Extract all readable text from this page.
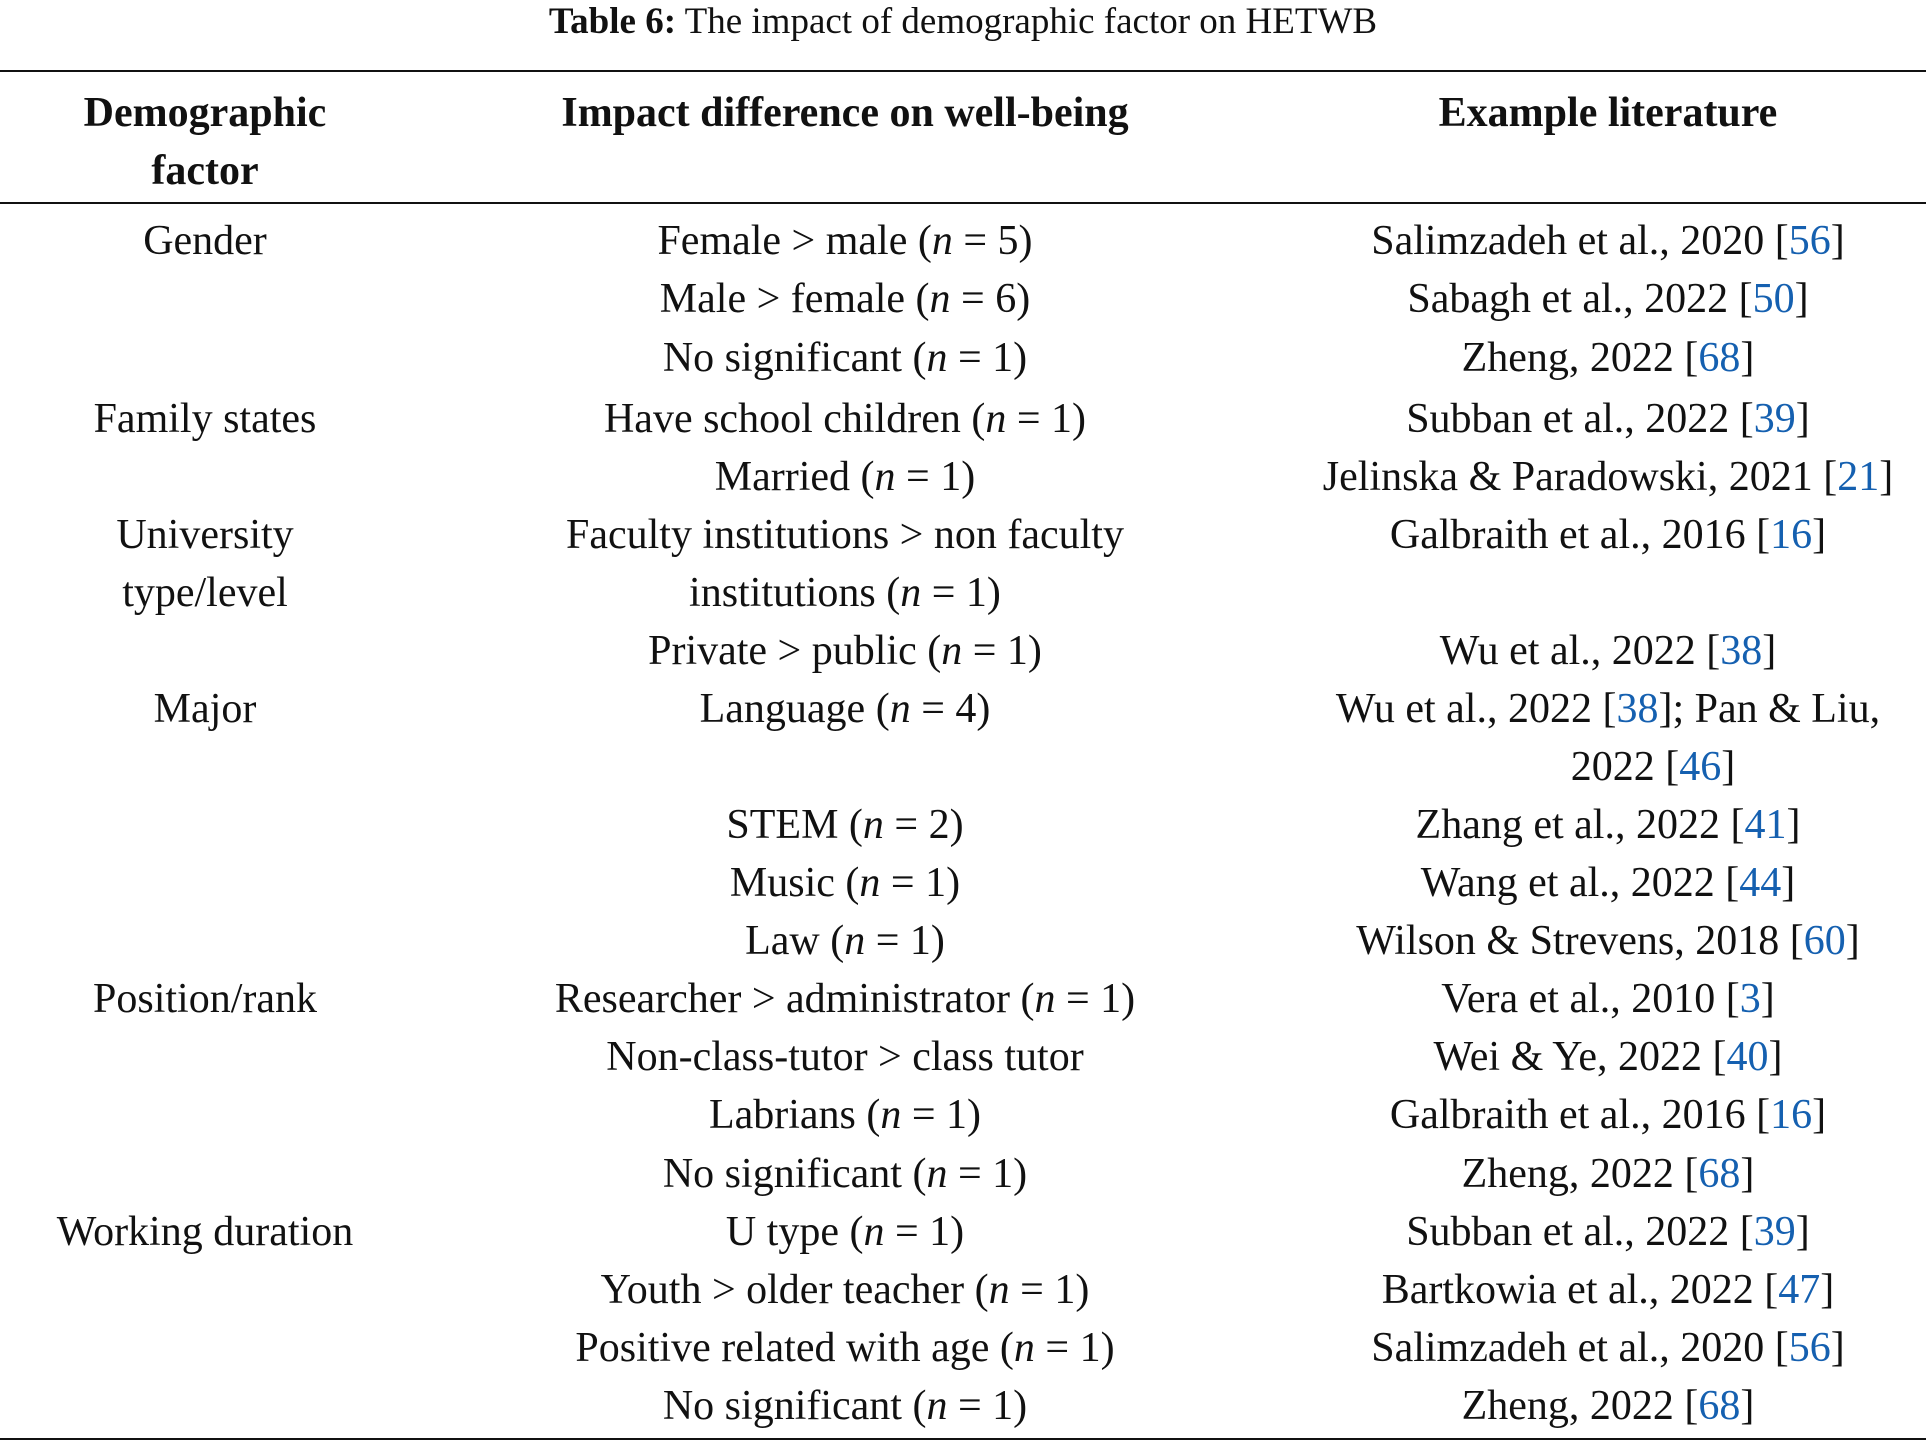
Table 6: The impact of demographic factor on HETWB
Demographic
factor
Impact difference on well-being	Example literature
Gender
Family states
University
type/level
Major
Position/rank
Working duration
Female > male (n = 5)
Male > female (n = 6)
No significant (n = 1)
Have school children (n = 1)
Married (n = 1)
Faculty institutions > non faculty
institutions (n = 1)
Private > public (n = 1)
Language (n = 4)
STEM (n = 2)
Music (n = 1)
Law (n = 1)
Researcher > administrator (n = 1)
Non-class-tutor > class tutor
Labrians (n = 1)
No significant (n = 1)
U type (n = 1)
Youth > older teacher (n = 1)
Positive related with age (n = 1)
No significant (n = 1)
Salimzadeh et al., 2020 [56]
Sabagh et al., 2022 [50]
Zheng, 2022 [68]
Subban et al., 2022 [39]
Jelinska & Paradowski, 2021 [21]
Galbraith et al., 2016 [16]
Wu et al., 2022 [38]
Wu et al., 2022 [38]; Pan & Liu,
2022 [46]
Zhang et al., 2022 [41]
Wang et al., 2022 [44]
Wilson & Strevens, 2018 [60]
Vera et al., 2010 [3]
Wei & Ye, 2022 [40]
Galbraith et al., 2016 [16]
Zheng, 2022 [68]
Subban et al., 2022 [39]
Bartkowia et al., 2022 [47]
Salimzadeh et al., 2020 [56]
Zheng, 2022 [68]
